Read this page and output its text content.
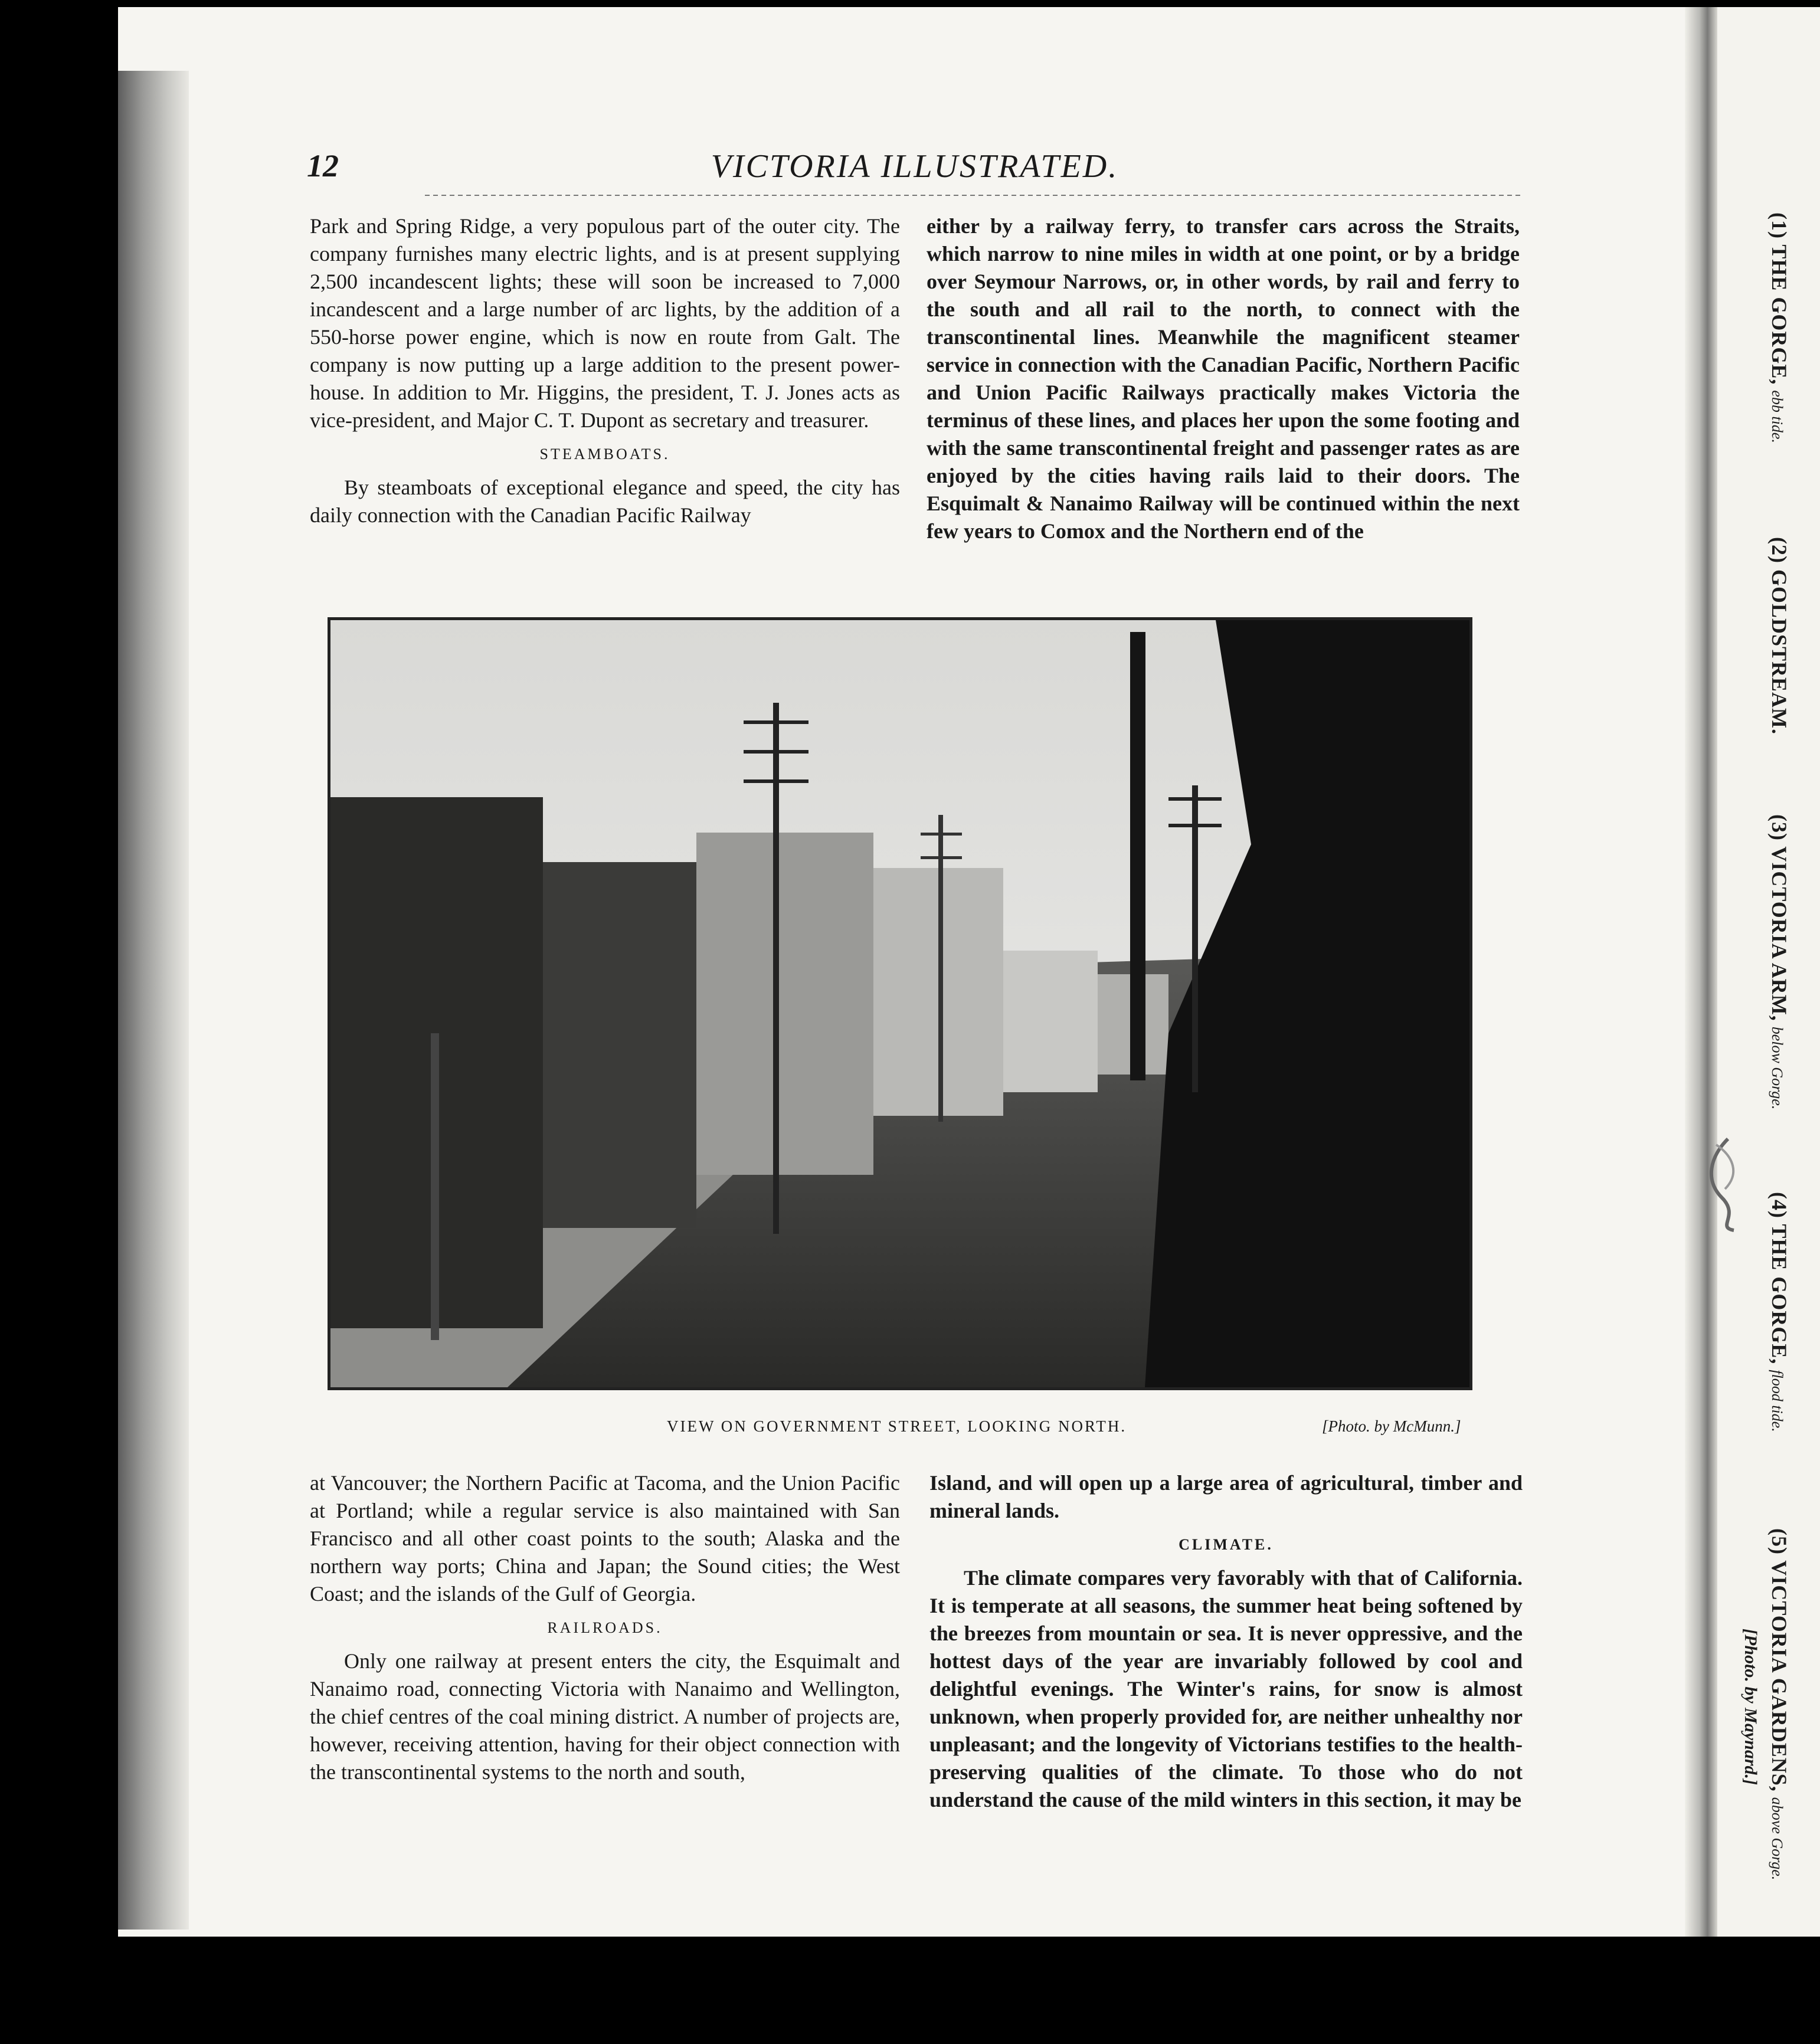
12	VICTORIA ILLUSTRATED.

Park and Spring Ridge, a very populous part of the outer city. The company furnishes many electric lights, and is at present supplying 2,500 incandescent lights; these will soon be increased to 7,000 incandescent and a large number of arc lights, by the addition of a 550-horse power engine, which is now en route from Galt. The company is now putting up a large addition to the present power-house. In addition to Mr. Higgins, the president, T. J. Jones acts as vice-president, and Major C. T. Dupont as secretary and treasurer.

STEAMBOATS.

By steamboats of exceptional elegance and speed, the city has daily connection with the Canadian Pacific Railway

either by a railway ferry, to transfer cars across the Straits, which narrow to nine miles in width at one point, or by a bridge over Seymour Narrows, or, in other words, by rail and ferry to the south and all rail to the north, to connect with the transcontinental lines. Meanwhile the magnificent steamer service in connection with the Canadian Pacific, Northern Pacific and Union Pacific Railways practically makes Victoria the terminus of these lines, and places her upon the some footing and with the same transcontinental freight and passenger rates as are enjoyed by the cities having rails laid to their doors. The Esquimalt & Nanaimo Railway will be continued within the next few years to Comox and the Northern end of the

VIEW ON GOVERNMENT STREET, LOOKING NORTH.	[Photo. by McMunn.]

at Vancouver; the Northern Pacific at Tacoma, and the Union Pacific at Portland; while a regular service is also maintained with San Francisco and all other coast points to the south; Alaska and the northern way ports; China and Japan; the Sound cities; the West Coast; and the islands of the Gulf of Georgia.

RAILROADS.

Only one railway at present enters the city, the Esquimalt and Nanaimo road, connecting Victoria with Nanaimo and Wellington, the chief centres of the coal mining district. A number of projects are, however, receiving attention, having for their object connection with the transcontinental systems to the north and south,

Island, and will open up a large area of agricultural, timber and mineral lands.

CLIMATE.

The climate compares very favorably with that of California. It is temperate at all seasons, the summer heat being softened by the breezes from mountain or sea. It is never oppressive, and the hottest days of the year are invariably followed by cool and delightful evenings. The Winter's rains, for snow is almost unknown, when properly provided for, are neither unhealthy nor unpleasant; and the longevity of Victorians testifies to the health-preserving qualities of the climate. To those who do not understand the cause of the mild winters in this section, it may be

(1) THE GORGE, ebb tide.
(2) GOLDSTREAM.
(3) VICTORIA ARM, below Gorge.
(4) THE GORGE, flood tide.
(5) VICTORIA GARDENS, above Gorge.
[Photo. by Maynard.]
